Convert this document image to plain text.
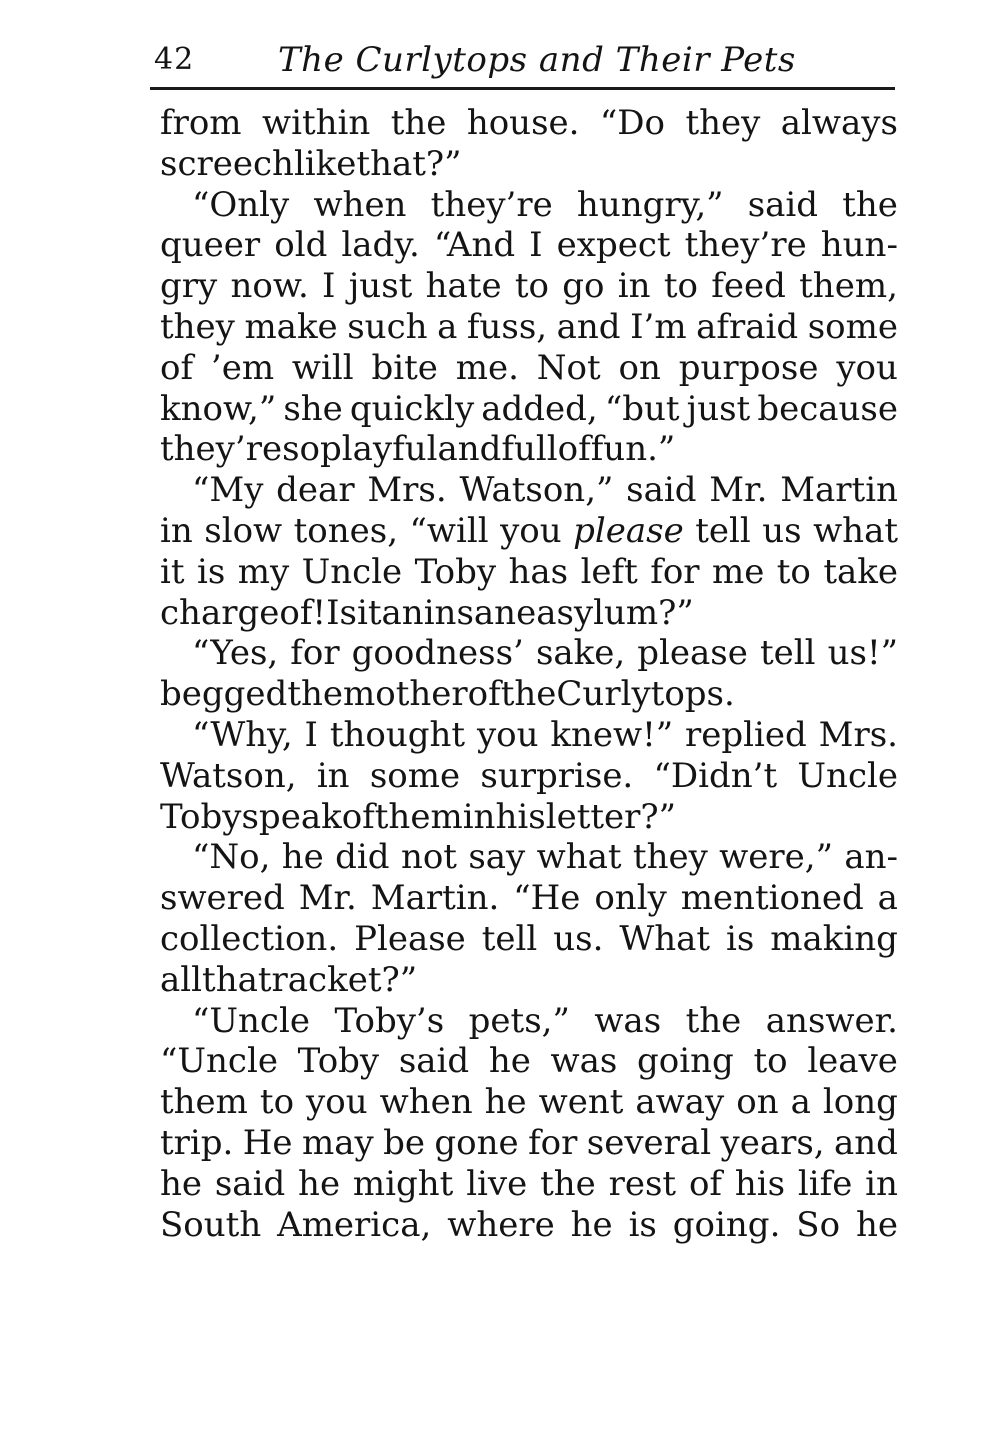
42 The Curlytops and Their Pets
from within the house. “Do they always
screech like that?”
“Only when they’re hungry,” said the
queer old lady. “And I expect they’re hun-
gry now. I just hate to go in to feed them,
they make such a fuss, and I’m afraid some
of ’em will bite me. Not on purpose you
know,” she quickly added, “but just because
they’re so playful and full of fun.”
“My dear Mrs. Watson,” said Mr. Martin
in slow tones, “will you please tell us what
it is my Uncle Toby has left for me to take
charge of! Is it an insane asylum?”
“Yes, for goodness’ sake, please tell us!”
begged the mother of the Curlytops.
“Why, I thought you knew!” replied Mrs.
Watson, in some surprise. “Didn’t Uncle
Toby speak of them in his letter?”
“No, he did not say what they were,” an-
swered Mr. Martin. “He only mentioned a
collection. Please tell us. What is making
all that racket?”
“Uncle Toby’s pets,” was the answer.
“Uncle Toby said he was going to leave
them to you when he went away on a long
trip. He may be gone for several years, and
he said he might live the rest of his life in
South America, where he is going. So he
